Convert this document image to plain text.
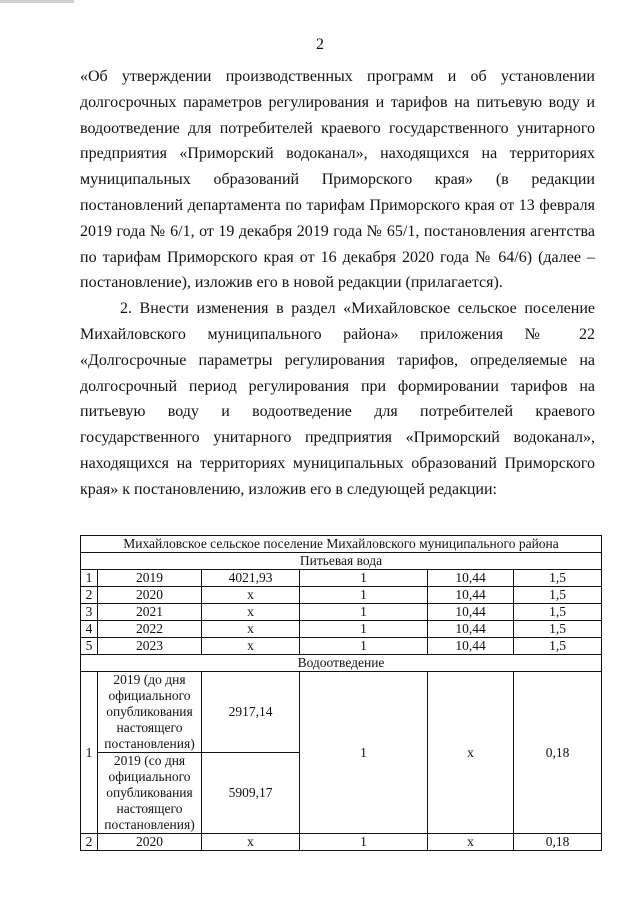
2

«Об утверждении производственных программ и об установлении долгосрочных параметров регулирования и тарифов на питьевую воду и водоотведение для потребителей краевого государственного унитарного предприятия «Приморский водоканал», находящихся на территориях муниципальных образований Приморского края» (в редакции постановлений департамента по тарифам Приморского края от 13 февраля 2019 года № 6/1, от 19 декабря 2019 года № 65/1, постановления агентства по тарифам Приморского края от 16 декабря 2020 года № 64/6) (далее – постановление), изложив его в новой редакции (прилагается).

2. Внести изменения в раздел «Михайловское сельское поселение Михайловского муниципального района» приложения № 22 «Долгосрочные параметры регулирования тарифов, определяемые на долгосрочный период регулирования при формировании тарифов на питьевую воду и водоотведение для потребителей краевого государственного унитарного предприятия «Приморский водоканал», находящихся на территориях муниципальных образований Приморского края» к постановлению, изложив его в следующей редакции:

Михайловское сельское поселение Михайловского муниципального района					
Питьевая вода					
1	2019	4021,93	1	10,44	1,5
2	2020	х	1	10,44	1,5
3	2021	х	1	10,44	1,5
4	2022	х	1	10,44	1,5
5	2023	х	1	10,44	1,5
Водоотведение					
1	2019 (до дня официального опубликования настоящего постановления)	2917,14	1	х	0,18
	2019 (со дня официального опубликования настоящего постановления)	5909,17			
2	2020	х	1	х	0,18
